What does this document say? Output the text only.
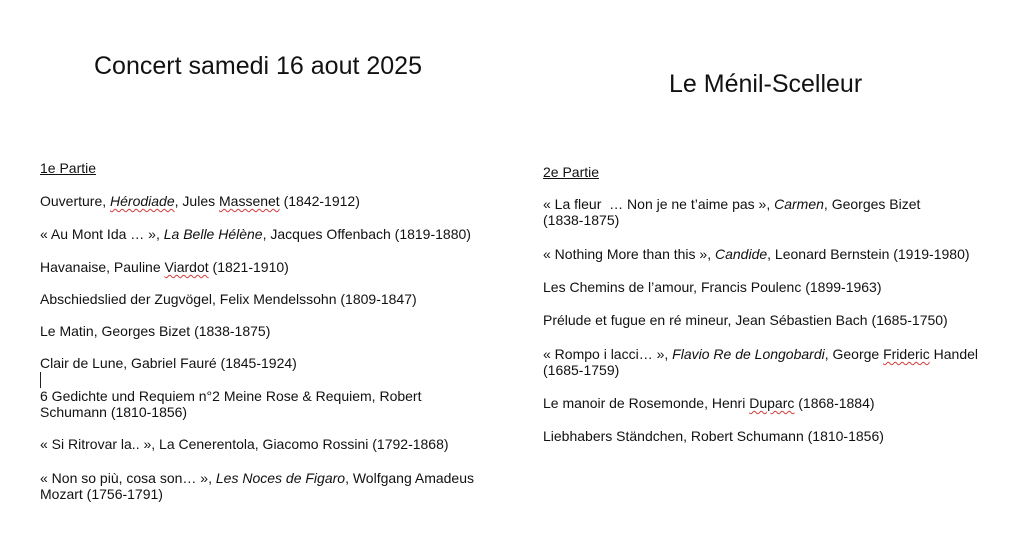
Concert samedi 16 aout 2025
Le Ménil-Scelleur
1e Partie
Ouverture, Hérodiade, Jules Massenet (1842-1912)
« Au Mont Ida … », La Belle Hélène, Jacques Offenbach (1819-1880)
Havanaise, Pauline Viardot (1821-1910)
Abschiedslied der Zugvögel, Felix Mendelssohn (1809-1847)
Le Matin, Georges Bizet (1838-1875)
Clair de Lune, Gabriel Fauré (1845-1924)
6 Gedichte und Requiem n°2 Meine Rose & Requiem, Robert
Schumann (1810-1856)
« Si Ritrovar la.. », La Cenerentola, Giacomo Rossini (1792-1868)
« Non so più, cosa son… », Les Noces de Figaro, Wolfgang Amadeus
Mozart (1756-1791)
2e Partie
« La fleur  … Non je ne t’aime pas », Carmen, Georges Bizet
(1838-1875)
« Nothing More than this », Candide, Leonard Bernstein (1919-1980)
Les Chemins de l’amour, Francis Poulenc (1899-1963)
Prélude et fugue en ré mineur, Jean Sébastien Bach (1685-1750)
« Rompo i lacci… », Flavio Re de Longobardi, George Frideric Handel
(1685-1759)
Le manoir de Rosemonde, Henri Duparc (1868-1884)
Liebhabers Ständchen, Robert Schumann (1810-1856)
